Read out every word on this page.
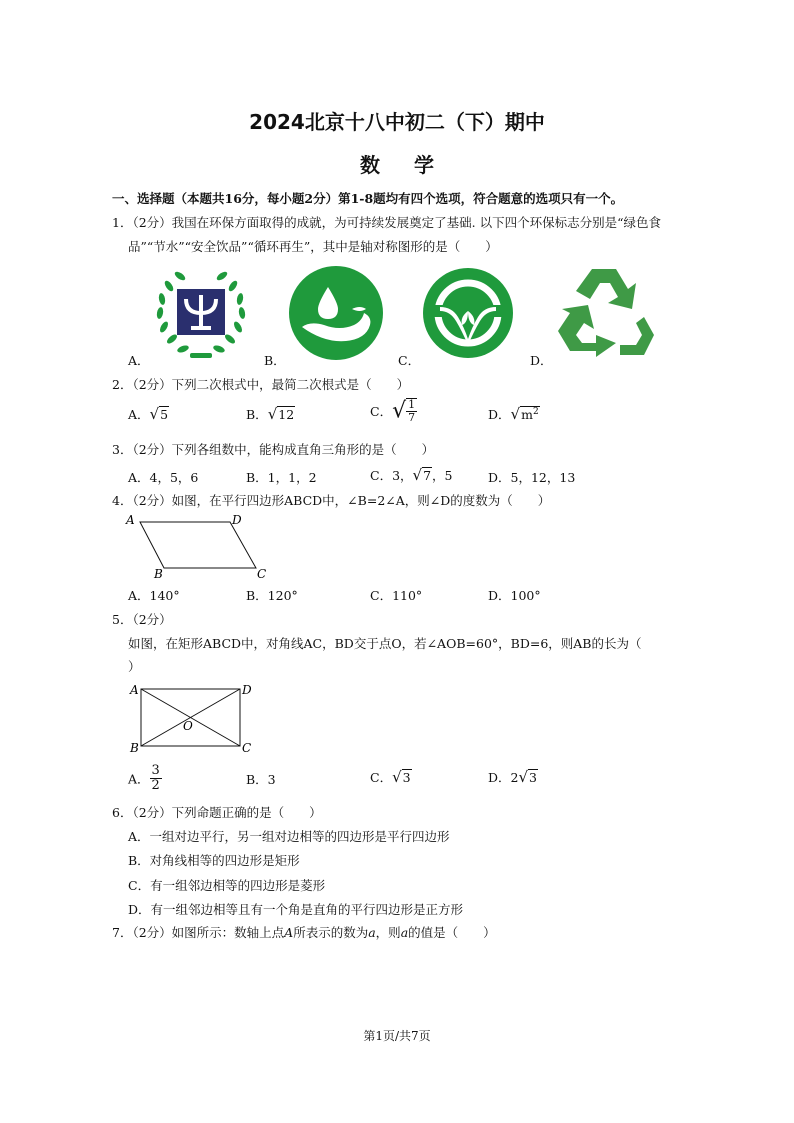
2024北京十八中初二（下）期中
数学
一、选择题（本题共16分，每小题2分）第1-8题均有四个选项，符合题意的选项只有一个。
1．（2分）我国在环保方面取得的成就，为可持续发展奠定了基础. 以下四个环保标志分别是“绿色食
品”“节水”“安全饮品”“循环再生”，其中是轴对称图形的是（　　）
A．	B．	C．	D．
2．（2分）下列二次根式中，最简二次根式是（　　）
A．√5	B．√12	C．√ $\frac{1}{7}$	D．$√m^2$
3．（2分）下列各组数中，能构成直角三角形的是（　　）
A．4，5，6	B．1，1，2	C．3，√7，5	D．5，12，13
4．（2分）如图，在平行四边形ABCD中，∠B=2∠A，则∠D的度数为（　　）
A	D
B	C
A．140°	B．120°	C．110°	D．100°
5．（2分）
如图，在矩形ABCD中，对角线AC，BD交于点O，若∠AOB=60°，BD=6，则AB的长为（
）
A	D
O
B	C
A． $\frac{3}{2}$	B．3	C．√3	D．2√3
6．（2分）下列命题正确的是（　　）
A．一组对边平行，另一组对边相等的四边形是平行四边形
B．对角线相等的四边形是矩形
C．有一组邻边相等的四边形是菱形
D．有一组邻边相等且有一个角是直角的平行四边形是正方形
7．（2分）如图所示：数轴上点A所表示的数为a，则a的值是（　　）
第1页/共7页
